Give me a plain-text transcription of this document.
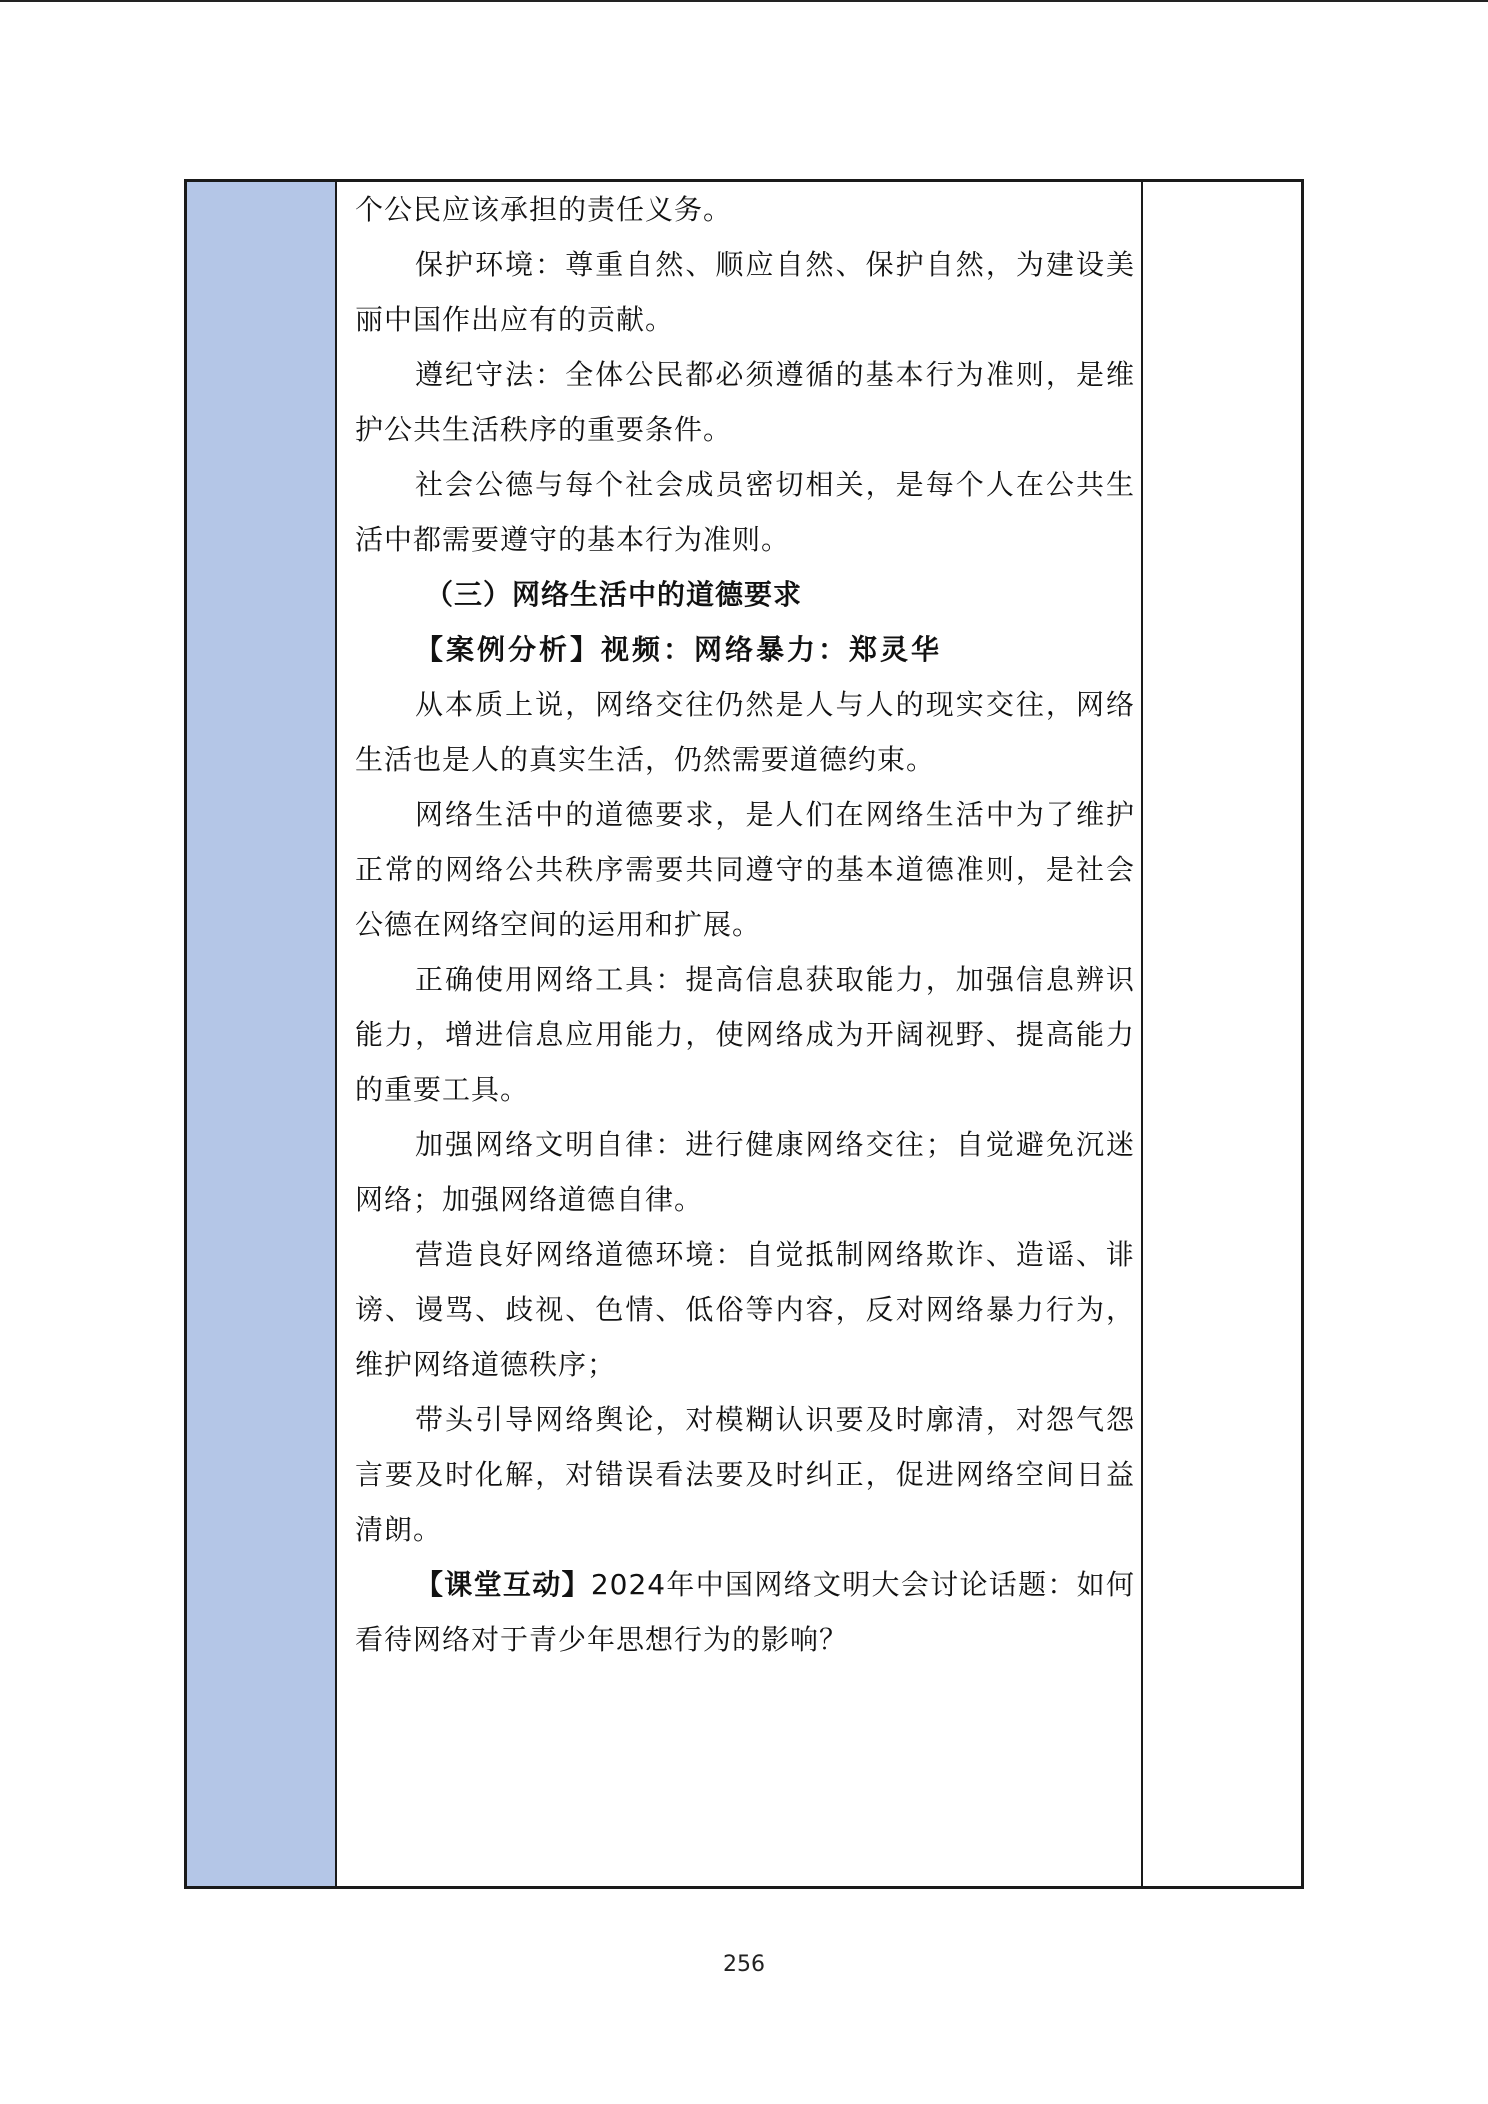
个公民应该承担的责任义务。

保护环境：尊重自然、顺应自然、保护自然，为建设美丽中国作出应有的贡献。

遵纪守法：全体公民都必须遵循的基本行为准则，是维护公共生活秩序的重要条件。

社会公德与每个社会成员密切相关，是每个人在公共生活中都需要遵守的基本行为准则。

（三）网络生活中的道德要求

【案例分析】视频：网络暴力：郑灵华

从本质上说，网络交往仍然是人与人的现实交往，网络生活也是人的真实生活，仍然需要道德约束。

网络生活中的道德要求，是人们在网络生活中为了维护正常的网络公共秩序需要共同遵守的基本道德准则，是社会公德在网络空间的运用和扩展。

正确使用网络工具：提高信息获取能力，加强信息辨识能力，增进信息应用能力，使网络成为开阔视野、提高能力的重要工具。

加强网络文明自律：进行健康网络交往；自觉避免沉迷网络；加强网络道德自律。

营造良好网络道德环境：自觉抵制网络欺诈、造谣、诽谤、谩骂、歧视、色情、低俗等内容，反对网络暴力行为，维护网络道德秩序；

带头引导网络舆论，对模糊认识要及时廓清，对怨气怨言要及时化解，对错误看法要及时纠正，促进网络空间日益清朗。

【课堂互动】2024年中国网络文明大会讨论话题：如何看待网络对于青少年思想行为的影响？

256
